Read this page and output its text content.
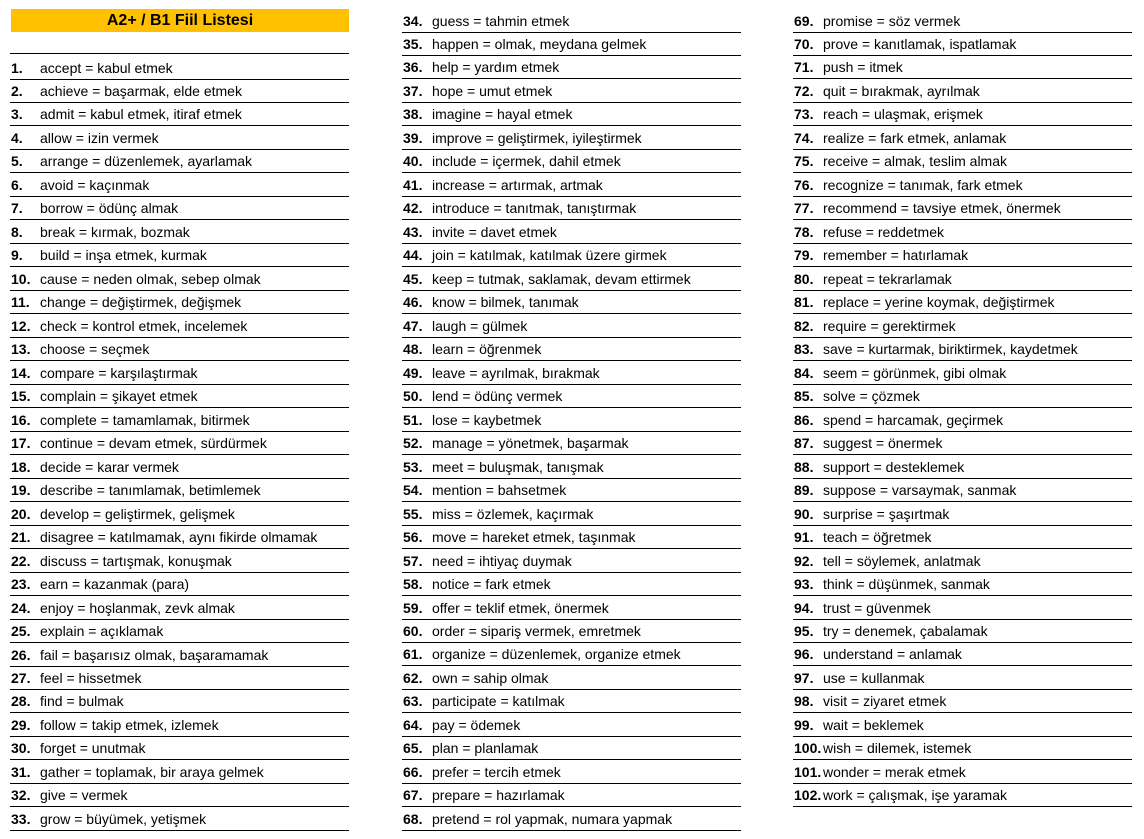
A2+ / B1 Fiil Listesi
1. accept = kabul etmek
2. achieve = başarmak, elde etmek
3. admit = kabul etmek, itiraf etmek
4. allow = izin vermek
5. arrange = düzenlemek, ayarlamak
6. avoid = kaçınmak
7. borrow = ödünç almak
8. break = kırmak, bozmak
9. build = inşa etmek, kurmak
10. cause = neden olmak, sebep olmak
11. change = değiştirmek, değişmek
12. check = kontrol etmek, incelemek
13. choose = seçmek
14. compare = karşılaştırmak
15. complain = şikayet etmek
16. complete = tamamlamak, bitirmek
17. continue = devam etmek, sürdürmek
18. decide = karar vermek
19. describe = tanımlamak, betimlemek
20. develop = geliştirmek, gelişmek
21. disagree = katılmamak, aynı fikirde olmamak
22. discuss = tartışmak, konuşmak
23. earn = kazanmak (para)
24. enjoy = hoşlanmak, zevk almak
25. explain = açıklamak
26. fail = başarısız olmak, başaramamak
27. feel = hissetmek
28. find = bulmak
29. follow = takip etmek, izlemek
30. forget = unutmak
31. gather = toplamak, bir araya gelmek
32. give = vermek
33. grow = büyümek, yetişmek
34. guess = tahmin etmek
35. happen = olmak, meydana gelmek
36. help = yardım etmek
37. hope = umut etmek
38. imagine = hayal etmek
39. improve = geliştirmek, iyileştirmek
40. include = içermek, dahil etmek
41. increase = artırmak, artmak
42. introduce = tanıtmak, tanıştırmak
43. invite = davet etmek
44. join = katılmak, katılmak üzere girmek
45. keep = tutmak, saklamak, devam ettirmek
46. know = bilmek, tanımak
47. laugh = gülmek
48. learn = öğrenmek
49. leave = ayrılmak, bırakmak
50. lend = ödünç vermek
51. lose = kaybetmek
52. manage = yönetmek, başarmak
53. meet = buluşmak, tanışmak
54. mention = bahsetmek
55. miss = özlemek, kaçırmak
56. move = hareket etmek, taşınmak
57. need = ihtiyaç duymak
58. notice = fark etmek
59. offer = teklif etmek, önermek
60. order = sipariş vermek, emretmek
61. organize = düzenlemek, organize etmek
62. own = sahip olmak
63. participate = katılmak
64. pay = ödemek
65. plan = planlamak
66. prefer = tercih etmek
67. prepare = hazırlamak
68. pretend = rol yapmak, numara yapmak
69. promise = söz vermek
70. prove = kanıtlamak, ispatlamak
71. push = itmek
72. quit = bırakmak, ayrılmak
73. reach = ulaşmak, erişmek
74. realize = fark etmek, anlamak
75. receive = almak, teslim almak
76. recognize = tanımak, fark etmek
77. recommend = tavsiye etmek, önermek
78. refuse = reddetmek
79. remember = hatırlamak
80. repeat = tekrarlamak
81. replace = yerine koymak, değiştirmek
82. require = gerektirmek
83. save = kurtarmak, biriktirmek, kaydetmek
84. seem = görünmek, gibi olmak
85. solve = çözmek
86. spend = harcamak, geçirmek
87. suggest = önermek
88. support = desteklemek
89. suppose = varsaymak, sanmak
90. surprise = şaşırtmak
91. teach = öğretmek
92. tell = söylemek, anlatmak
93. think = düşünmek, sanmak
94. trust = güvenmek
95. try = denemek, çabalamak
96. understand = anlamak
97. use = kullanmak
98. visit = ziyaret etmek
99. wait = beklemek
100. wish = dilemek, istemek
101. wonder = merak etmek
102. work = çalışmak, işe yaramak
